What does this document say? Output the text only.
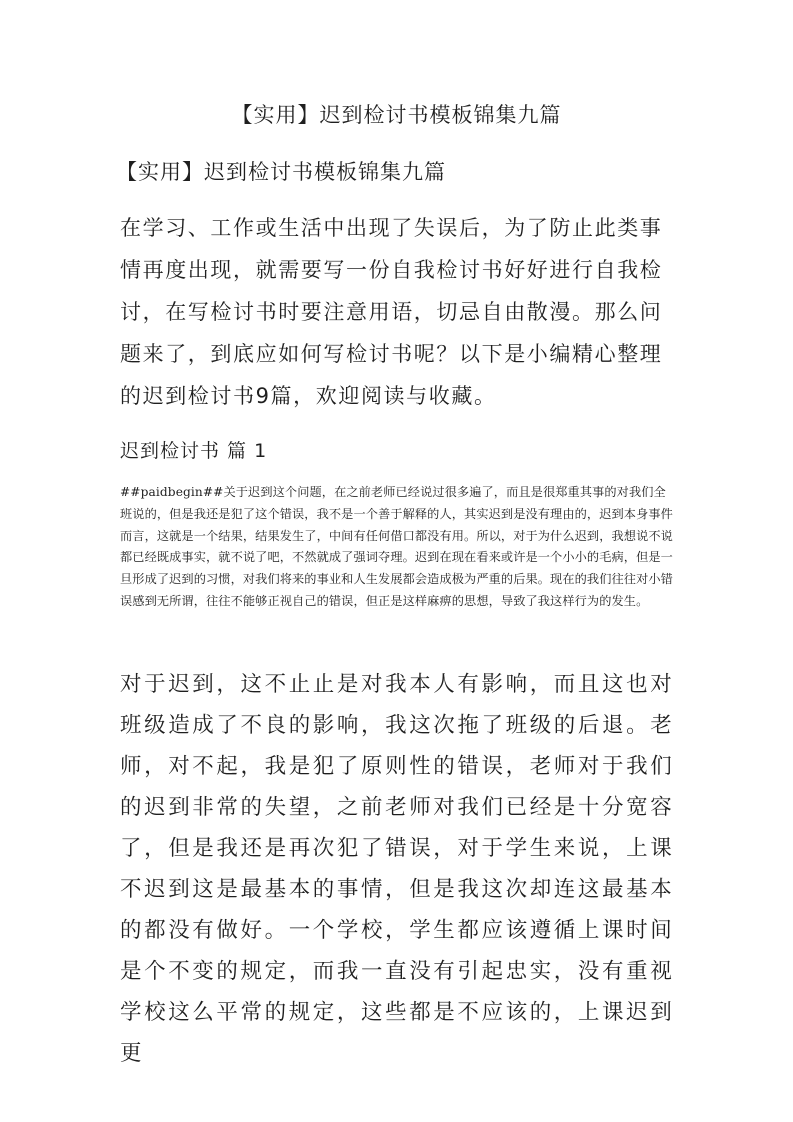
【实用】迟到检讨书模板锦集九篇
【实用】迟到检讨书模板锦集九篇

在学习、工作或生活中出现了失误后，为了防止此类事情再度出现，就需要写一份自我检讨书好好进行自我检讨，在写检讨书时要注意用语，切忌自由散漫。那么问题来了，到底应如何写检讨书呢？以下是小编精心整理的迟到检讨书9篇，欢迎阅读与收藏。

迟到检讨书 篇 1

##paidbegin##关于迟到这个问题，在之前老师已经说过很多遍了，而且是很郑重其事的对我们全班说的，但是我还是犯了这个错误，我不是一个善于解释的人，其实迟到是没有理由的，迟到本身事件而言，这就是一个结果，结果发生了，中间有任何借口都没有用。所以，对于为什么迟到，我想说不说都已经既成事实，就不说了吧，不然就成了强词夺理。迟到在现在看来或许是一个小小的毛病，但是一旦形成了迟到的习惯，对我们将来的事业和人生发展都会造成极为严重的后果。现在的我们往往对小错误感到无所谓，往往不能够正视自己的错误，但正是这样麻痹的思想，导致了我这样行为的发生。

对于迟到，这不止止是对我本人有影响，而且这也对班级造成了不良的影响，我这次拖了班级的后退。老师，对不起，我是犯了原则性的错误，老师对于我们的迟到非常的失望，之前老师对我们已经是十分宽容了，但是我还是再次犯了错误，对于学生来说，上课不迟到这是最基本的事情，但是我这次却连这最基本的都没有做好。一个学校，学生都应该遵循上课时间是个不变的规定，而我一直没有引起忠实，没有重视学校这么平常的规定，这些都是不应该的，上课迟到更
